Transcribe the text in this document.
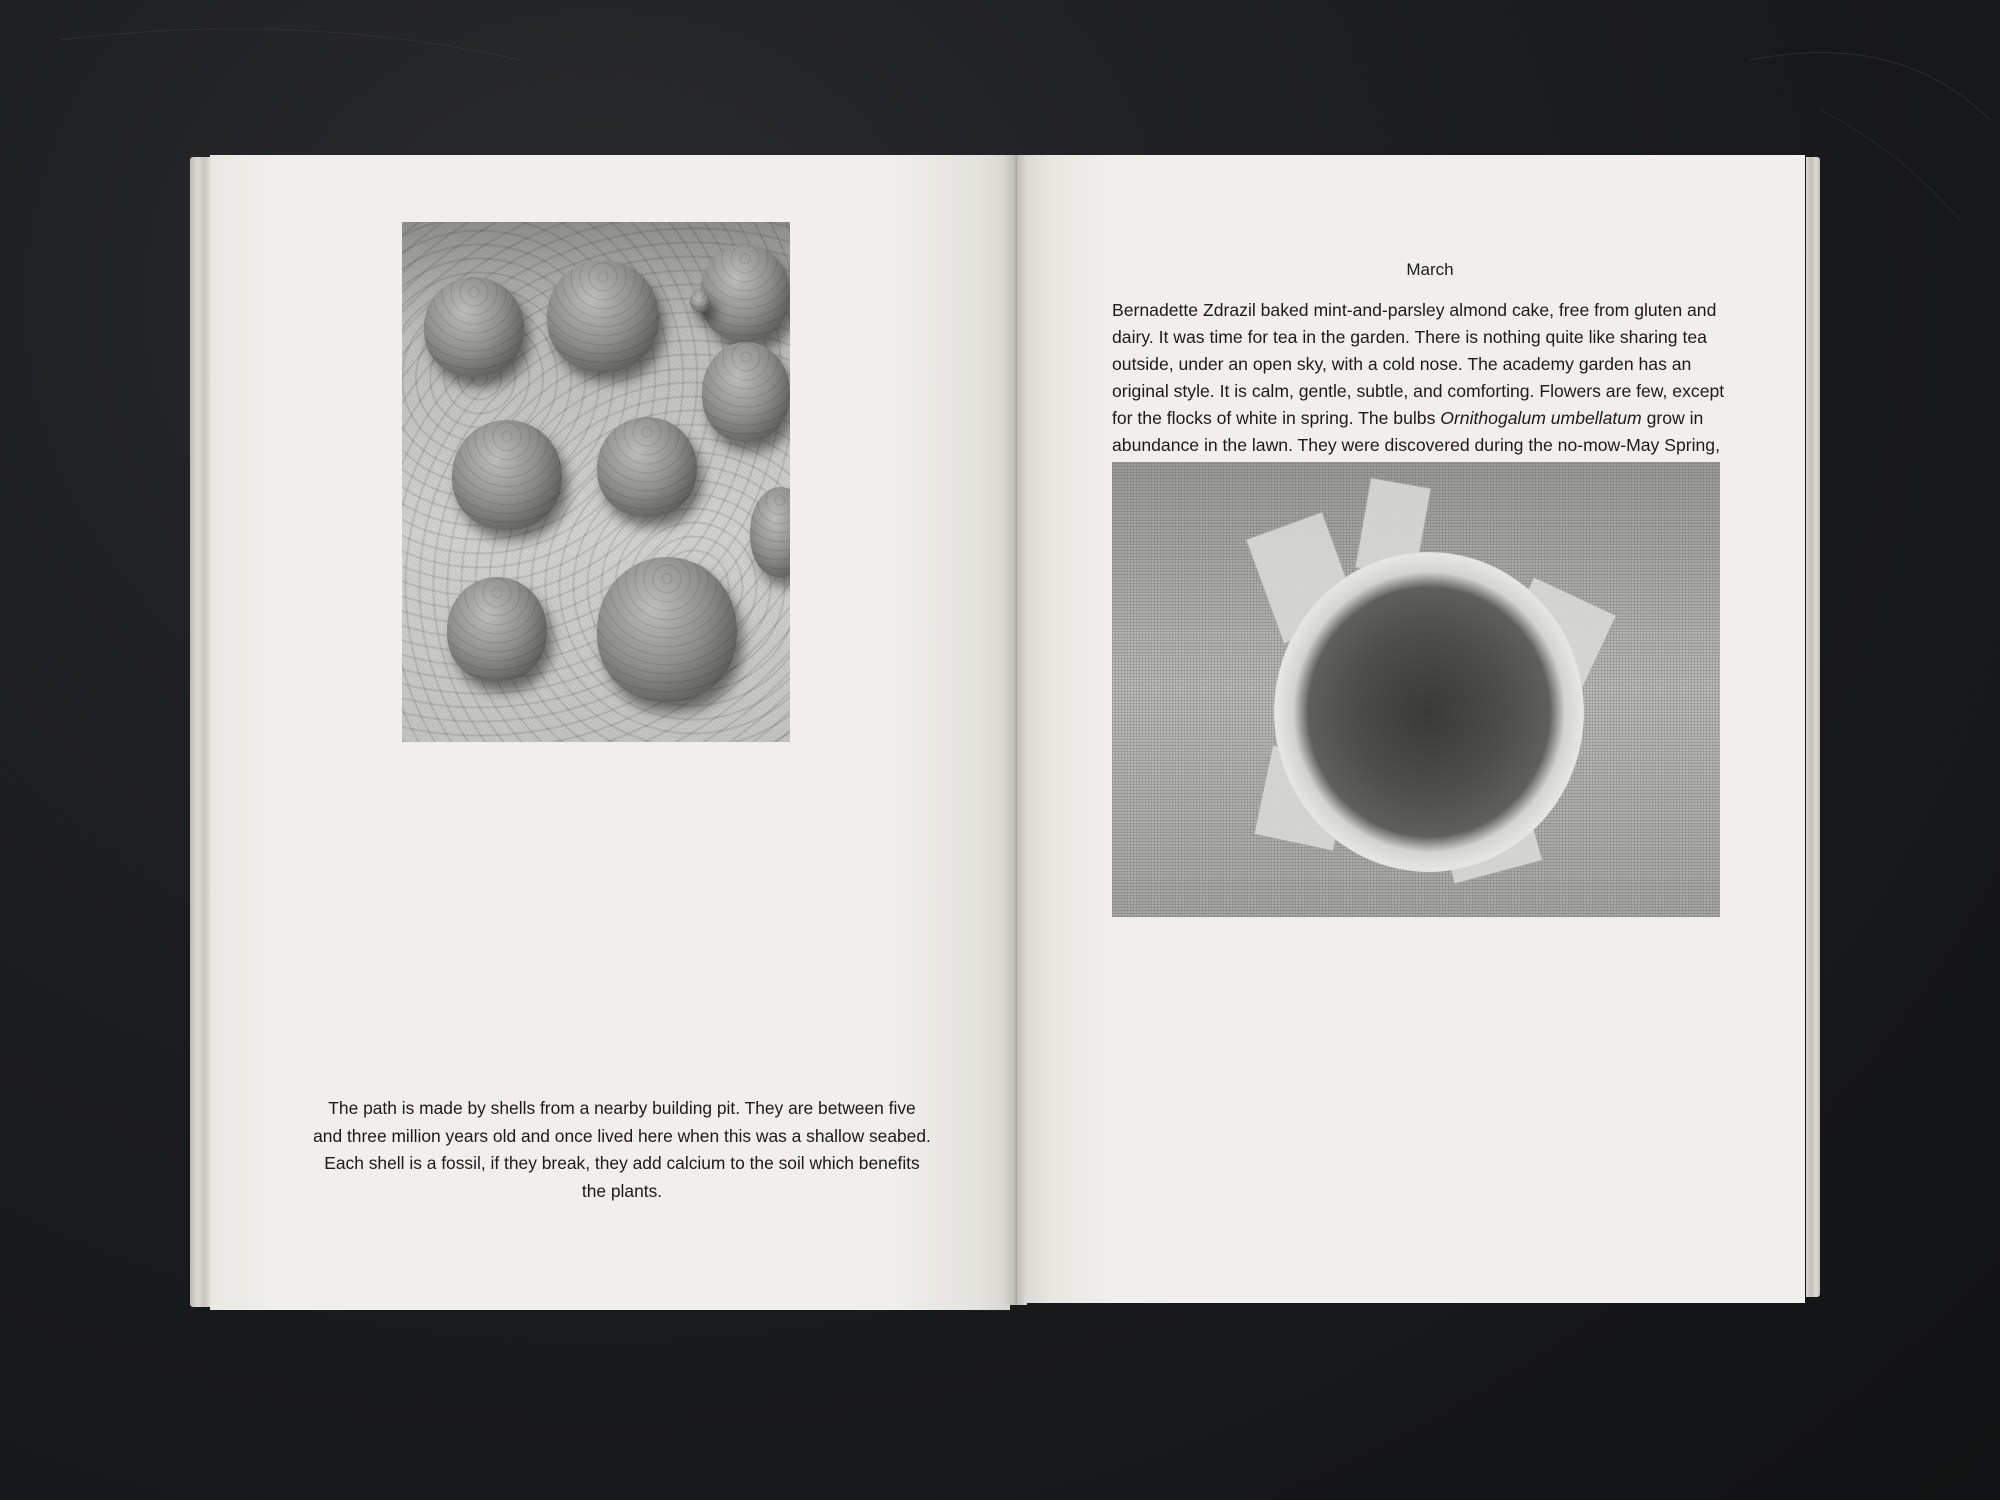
The path is made by shells from a nearby building pit. They are between five and three million years old and once lived here when this was a shallow seabed. Each shell is a fossil, if they break, they add calcium to the soil which benefits the plants.
March
Bernadette Zdrazil baked mint-and-parsley almond cake, free from gluten and dairy. It was time for tea in the garden. There is nothing quite like sharing tea outside, under an open sky, with a cold nose. The academy garden has an original style. It is calm, gentle, subtle, and comforting. Flowers are few, except for the flocks of white in spring. The bulbs Ornithogalum umbellatum grow in abundance in the lawn. They were discovered during the no-mow-May Spring,
